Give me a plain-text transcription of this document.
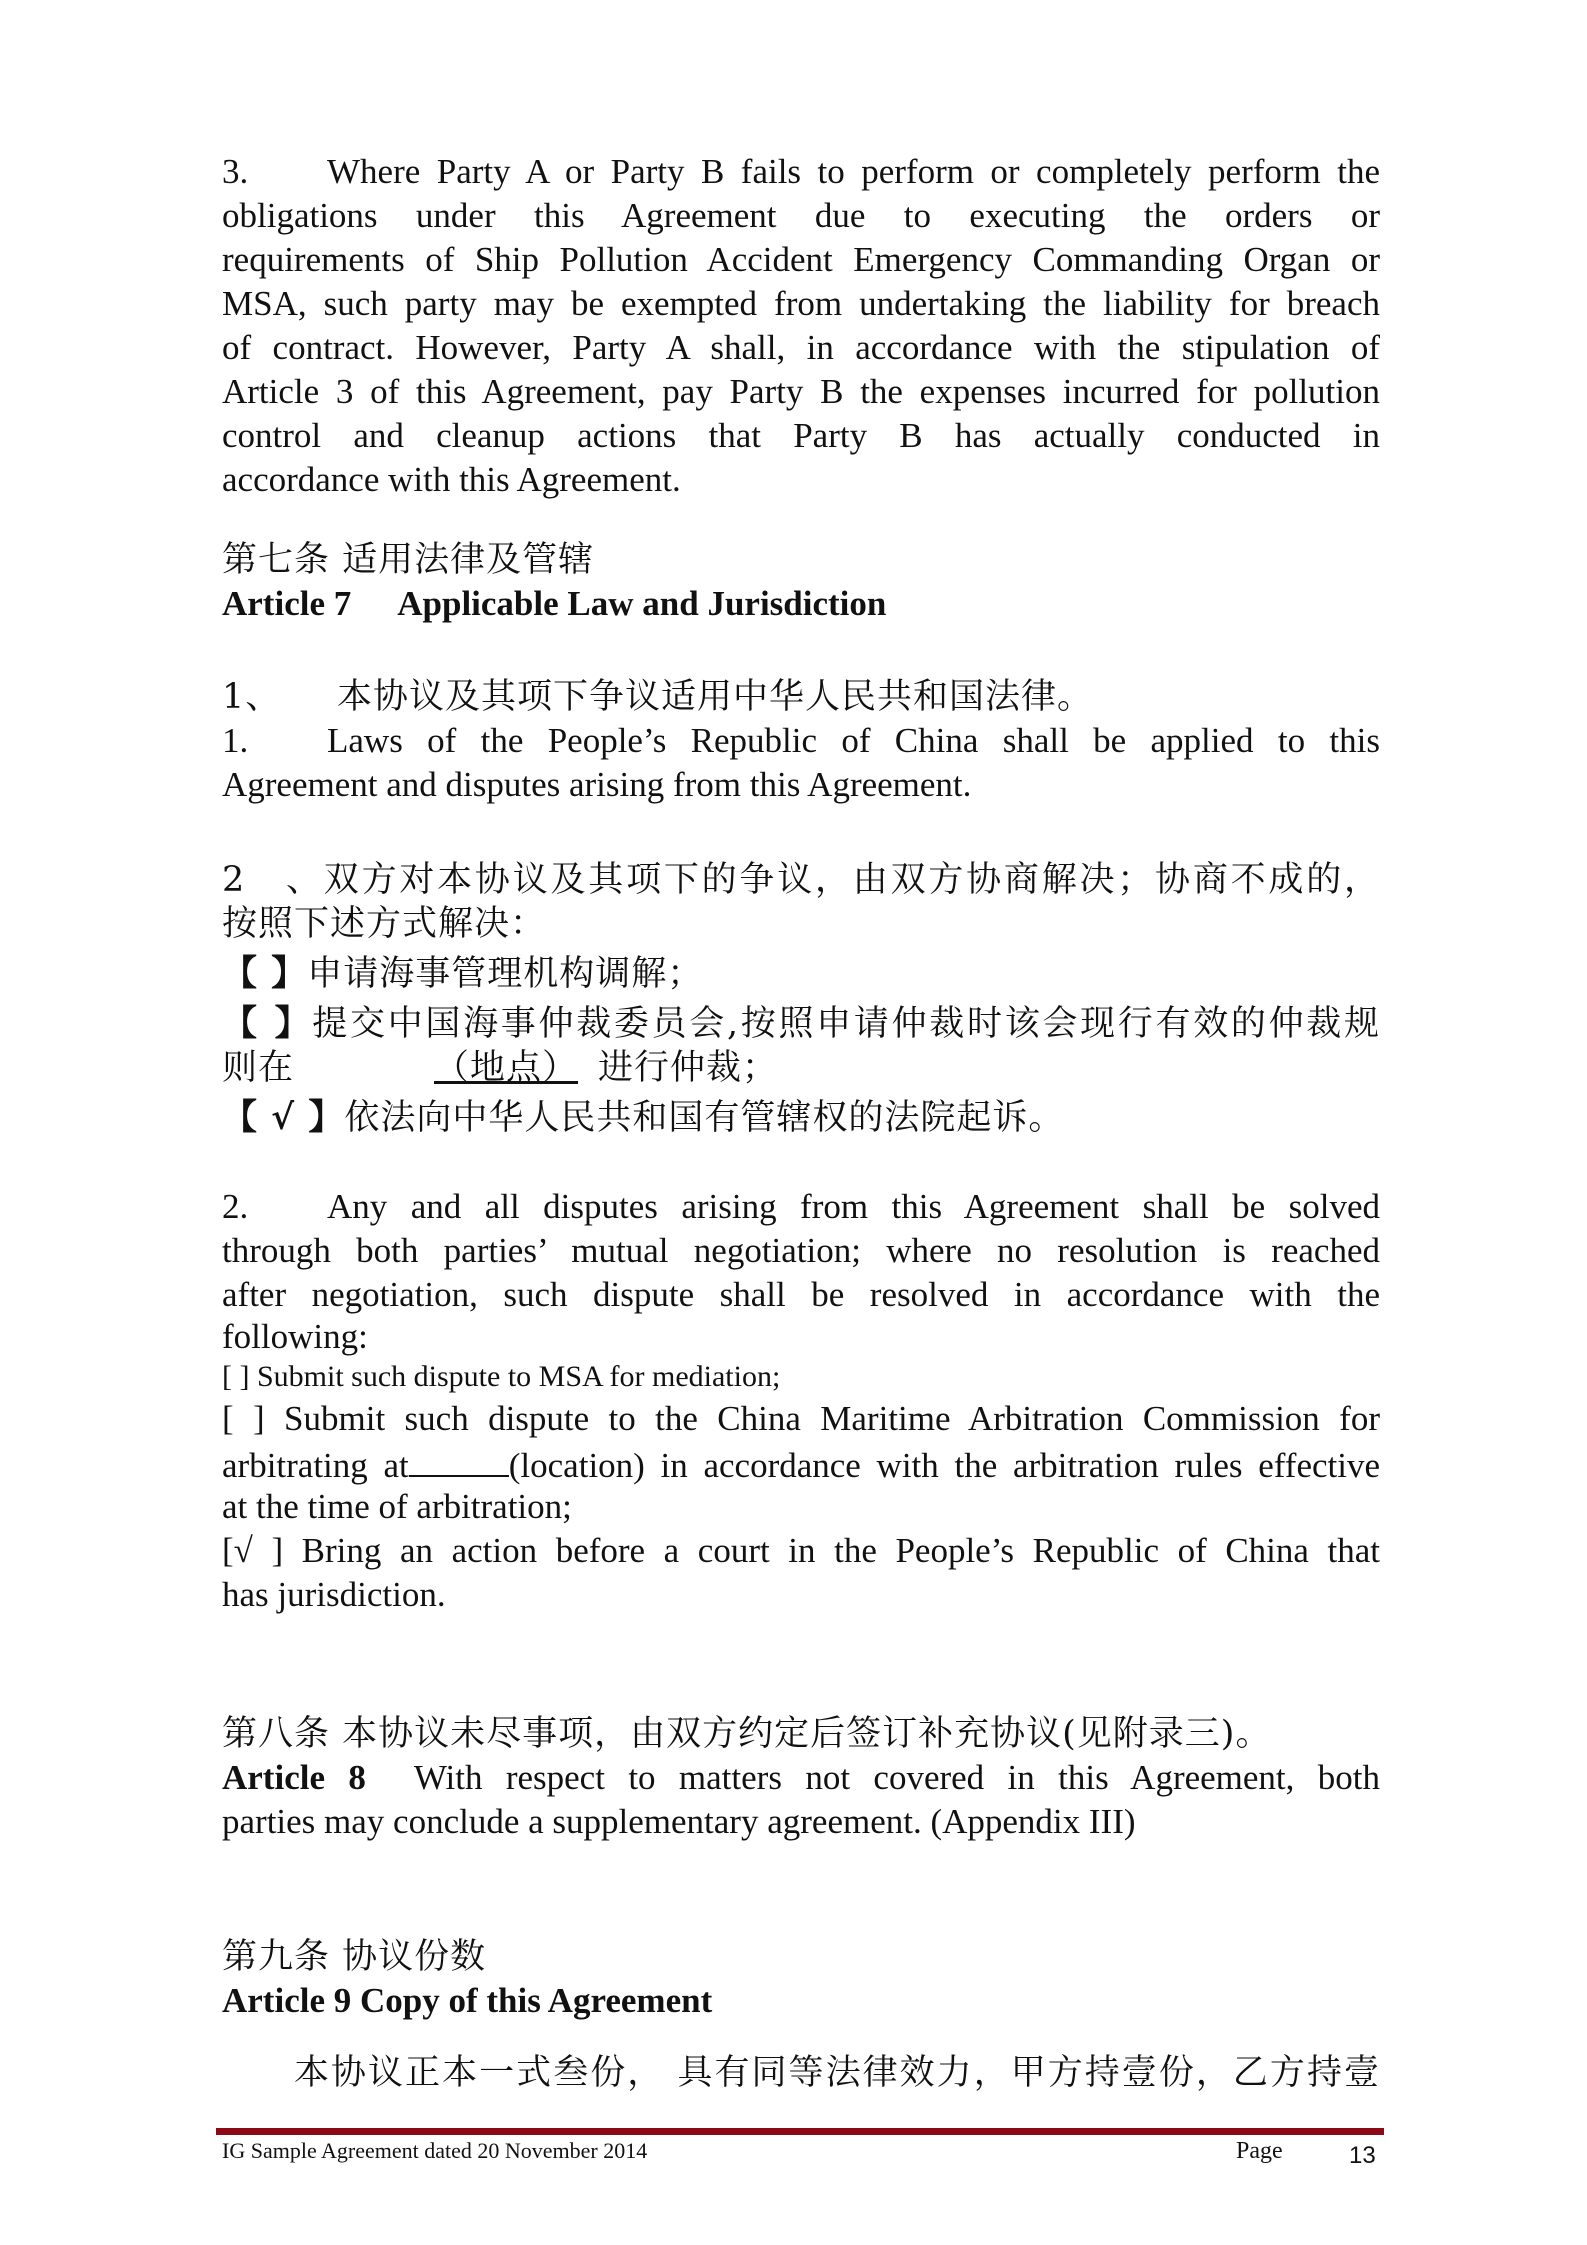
3. Where Party A or Party B fails to perform or completely perform the
obligations under this Agreement due to executing the orders or
requirements of Ship Pollution Accident Emergency Commanding Organ or
MSA, such party may be exempted from undertaking the liability for breach
of contract. However, Party A shall, in accordance with the stipulation of
Article 3 of this Agreement, pay Party B the expenses incurred for pollution
control and cleanup actions that Party B has actually conducted in
accordance with this Agreement.
第七条 适用法律及管辖
Article 7 Applicable Law and Jurisdiction
1、 本协议及其项下争议适用中华人民共和国法律。
1. Laws of the People’s Republic of China shall be applied to this
Agreement and disputes arising from this Agreement.
2、双方对本协议及其项下的争议，由双方协商解决；协商不成的，
按照下述方式解决：
【 】申请海事管理机构调解；
【 】提交中国海事仲裁委员会,按照申请仲裁时该会现行有效的仲裁规
则在	（地点） 进行仲裁；
【 √ 】依法向中华人民共和国有管辖权的法院起诉。
2. Any and all disputes arising from this Agreement shall be solved
through both parties’ mutual negotiation; where no resolution is reached
after negotiation, such dispute shall be resolved in accordance with the
following:
[ ] Submit such dispute to MSA for mediation;
[ ] Submit such dispute to the China Maritime Arbitration Commission for
arbitrating at	(location) in accordance with the arbitration rules effective
at the time of arbitration;
[√ ] Bring an action before a court in the People’s Republic of China that
has jurisdiction.
第八条 本协议未尽事项，由双方约定后签订补充协议(见附录三)。
Article 8 With respect to matters not covered in this Agreement, both
parties may conclude a supplementary agreement. (Appendix III)
第九条 协议份数
Article 9 Copy of this Agreement
本协议正本一式叁份， 具有同等法律效力，甲方持壹份，乙方持壹
IG Sample Agreement dated 20 November 2014	Page	13
